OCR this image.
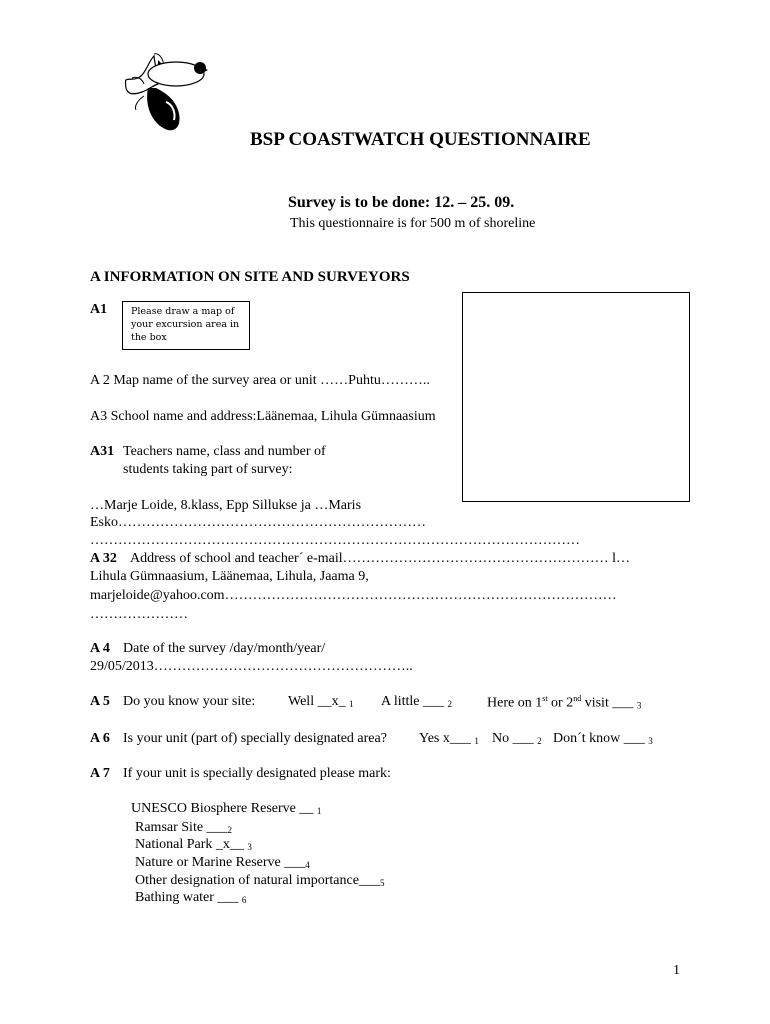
BSP COASTWATCH QUESTIONNAIRE
Survey is to be done: 12. – 25. 09.
This questionnaire is for 500 m of shoreline
A INFORMATION ON SITE AND SURVEYORS
A1	Please draw a map of
your excursion area in
the box
A 2 Map name of the survey area or unit ……Puhtu………..
A3 School name and address:Läänemaa, Lihula Gümnaasium
A31 Teachers name, class and number of
students taking part of survey:
…Marje Loide, 8.klass, Epp Sillukse ja …Maris
Esko…………………………………………………………
……………………………………………………………………………………………
A 32 Address of school and teacher´ e-mail………………………………………………… l…
Lihula Gümnaasium, Läänemaa, Lihula, Jaama 9,
marjeloide@yahoo.com…………………………………………………………………………
…………………
A 4 Date of the survey /day/month/year/
29/05/2013………………………………………………..
A 5 Do you know your site: Well __x_ 1 A little ___ 2	Here on 1st or 2nd visit ___ 3
A 6 Is your unit (part of) specially designated area? Yes x___ 1 No ___ 2 Don´t know ___ 3
A 7 If your unit is specially designated please mark:
UNESCO Biosphere Reserve __ 1
Ramsar Site ___2
National Park _x__ 3
Nature or Marine Reserve ___4
Other designation of natural importance___5
Bathing water ___ 6
1
